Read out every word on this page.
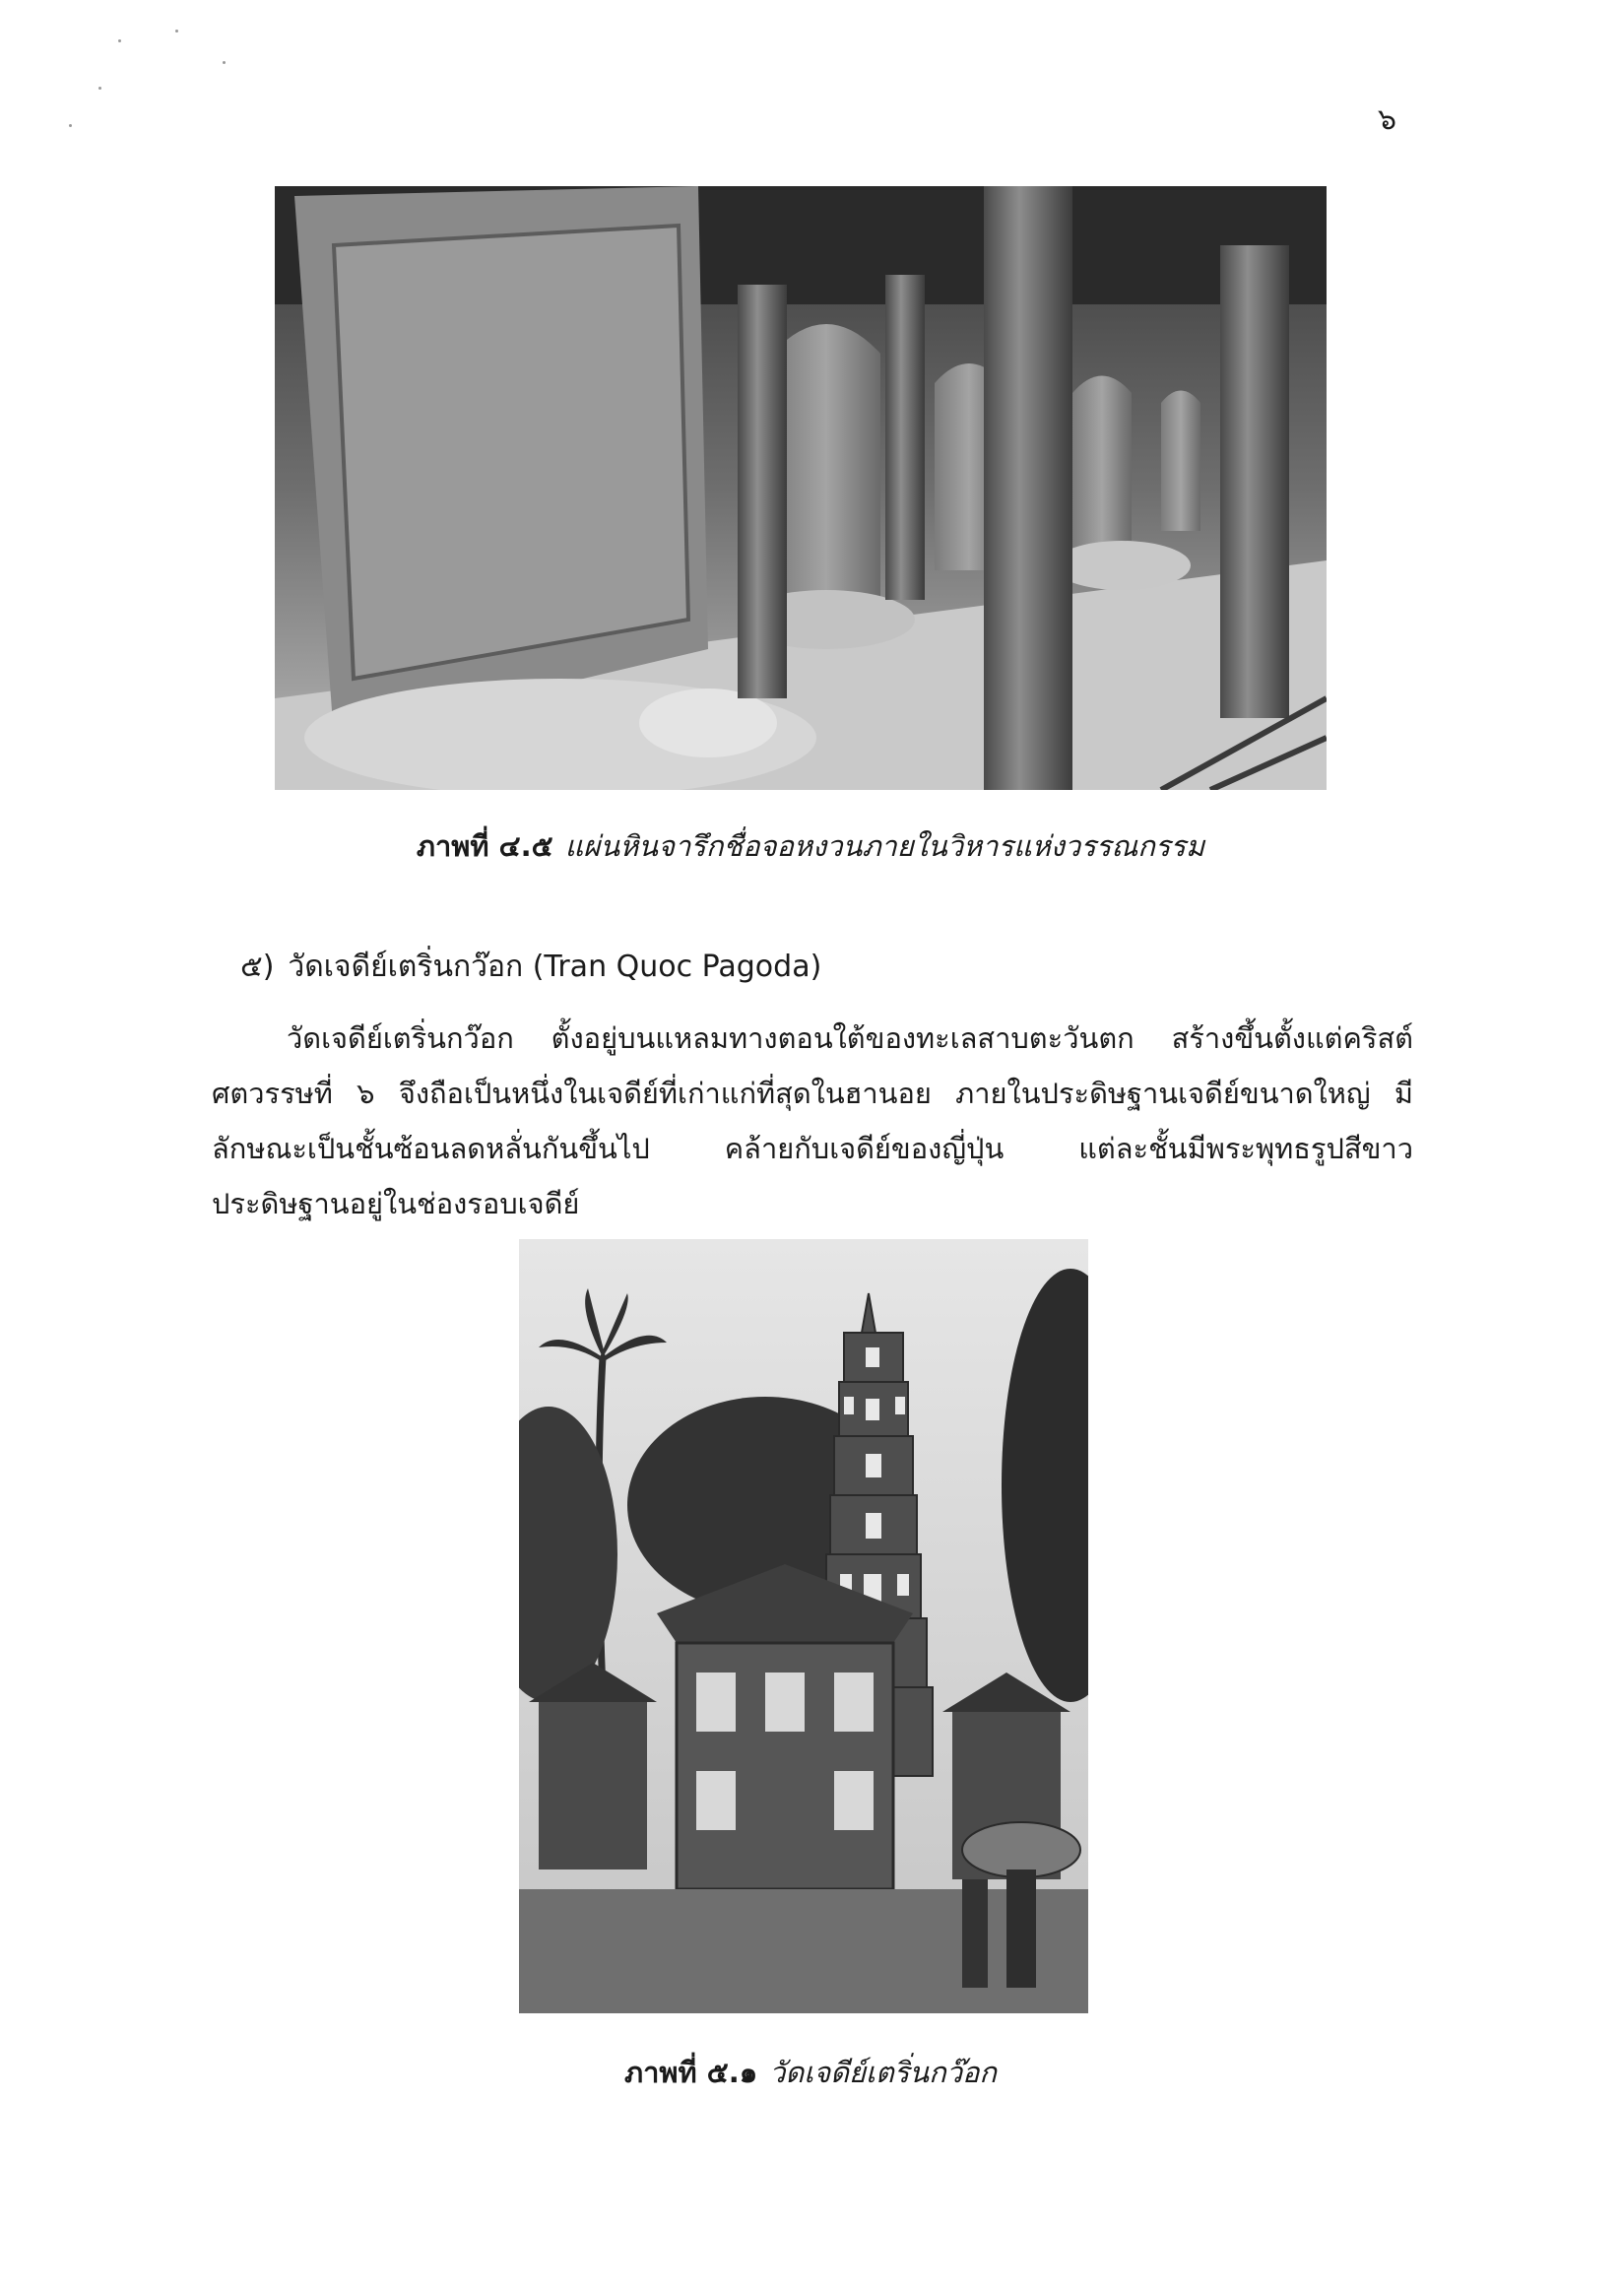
๖
ภาพที่ ๔.๕ แผ่นหินจารึกชื่อจอหงวนภายในวิหารแห่งวรรณกรรม
๕) วัดเจดีย์เตริ่นกว๊อก (Tran Quoc Pagoda)
วัดเจดีย์เตริ่นกว๊อก ตั้งอยู่บนแหลมทางตอนใต้ของทะเลสาบตะวันตก สร้างขึ้นตั้งแต่คริสต์ศตวรรษที่ ๖ จึงถือเป็นหนึ่งในเจดีย์ที่เก่าแก่ที่สุดในฮานอย ภายในประดิษฐานเจดีย์ขนาดใหญ่ มีลักษณะเป็นชั้นซ้อนลดหลั่นกันขึ้นไป คล้ายกับเจดีย์ของญี่ปุ่น แต่ละชั้นมีพระพุทธรูปสีขาวประดิษฐานอยู่ในช่องรอบเจดีย์
ภาพที่ ๕.๑ วัดเจดีย์เตริ่นกว๊อก
